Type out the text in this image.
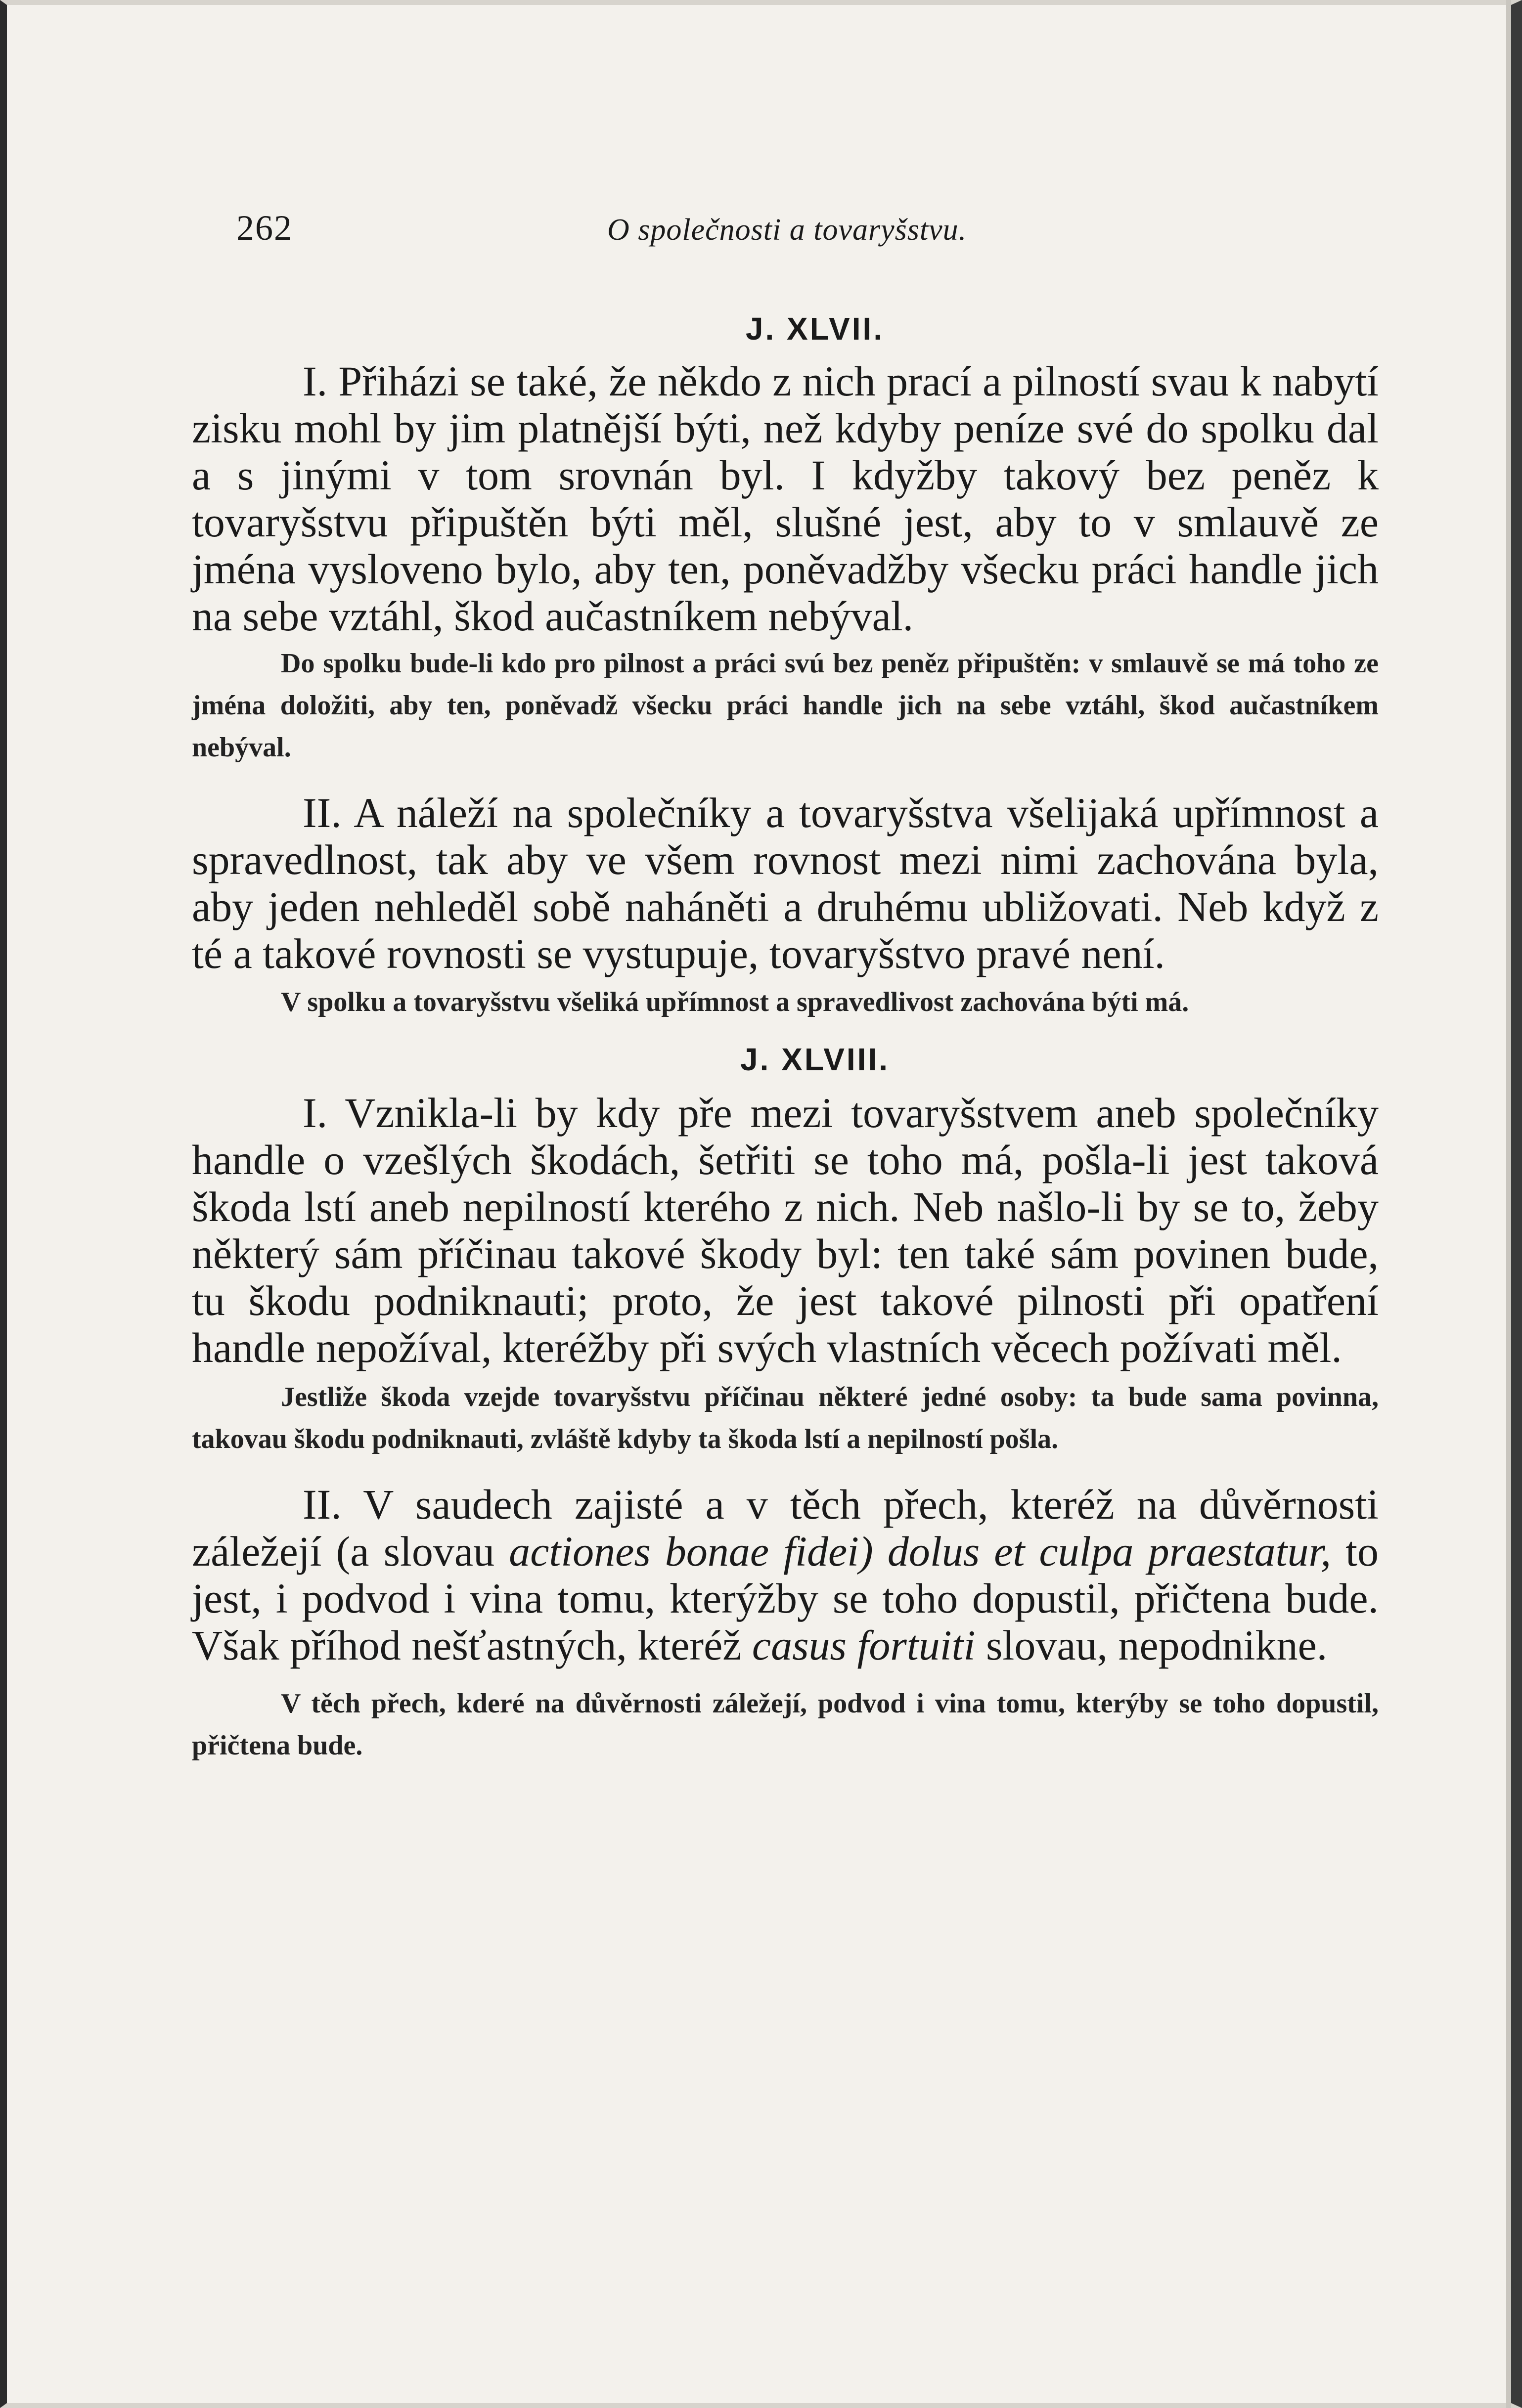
262	O společnosti a tovaryšstvu.
J. XLVII.

I. Přiházi se také, že někdo z nich prací a pilností svau k nabytí zisku mohl by jim platnější býti, než kdyby peníze své do spolku dal a s jinými v tom srovnán byl. I kdyžby takový bez peněz k tovaryšstvu připuštěn býti měl, slušné jest, aby to v smlauvě ze jména vysloveno bylo, aby ten, poněvadžby všecku práci handle jich na sebe vztáhl, škod aučastníkem nebýval.

Do spolku bude-li kdo pro pilnost a práci svú bez peněz připuštěn: v smlauvě se má toho ze jména doložiti, aby ten, poněvadž všecku práci handle jich na sebe vztáhl, škod aučastníkem nebýval.

II. A náleží na společníky a tovaryšstva všelijaká upřímnost a spravedlnost, tak aby ve všem rovnost mezi nimi zachována byla, aby jeden nehleděl sobě naháněti a druhému ubližovati. Neb když z té a takové rovnosti se vystupuje, tovaryšstvo pravé není.

V spolku a tovaryšstvu všeliká upřímnost a spravedlivost zachována býti má.

J. XLVIII.

I. Vznikla-li by kdy pře mezi tovaryšstvem aneb společníky handle o vzešlých škodách, šetřiti se toho má, pošla-li jest taková škoda lstí aneb nepilností kterého z nich. Neb našlo-li by se to, žeby některý sám příčinau takové škody byl: ten také sám povinen bude, tu škodu podniknauti; proto, že jest takové pilnosti při opatření handle nepožíval, kteréžby při svých vlastních věcech požívati měl.

Jestliže škoda vzejde tovaryšstvu příčinau některé jedné osoby: ta bude sama povinna, takovau škodu podniknauti, zvláště kdyby ta škoda lstí a nepilností pošla.

II. V saudech zajisté a v těch přech, kteréž na důvěrnosti záležejí (a slovau actiones bonae fidei) dolus et culpa praestatur, to jest, i podvod i vina tomu, kterýžby se toho dopustil, přičtena bude. Však příhod nešťastných, kteréž casus fortuiti slovau, nepodnikne.

V těch přech, kderé na důvěrnosti záležejí, podvod i vina tomu, kterýby se toho dopustil, přičtena bude.
